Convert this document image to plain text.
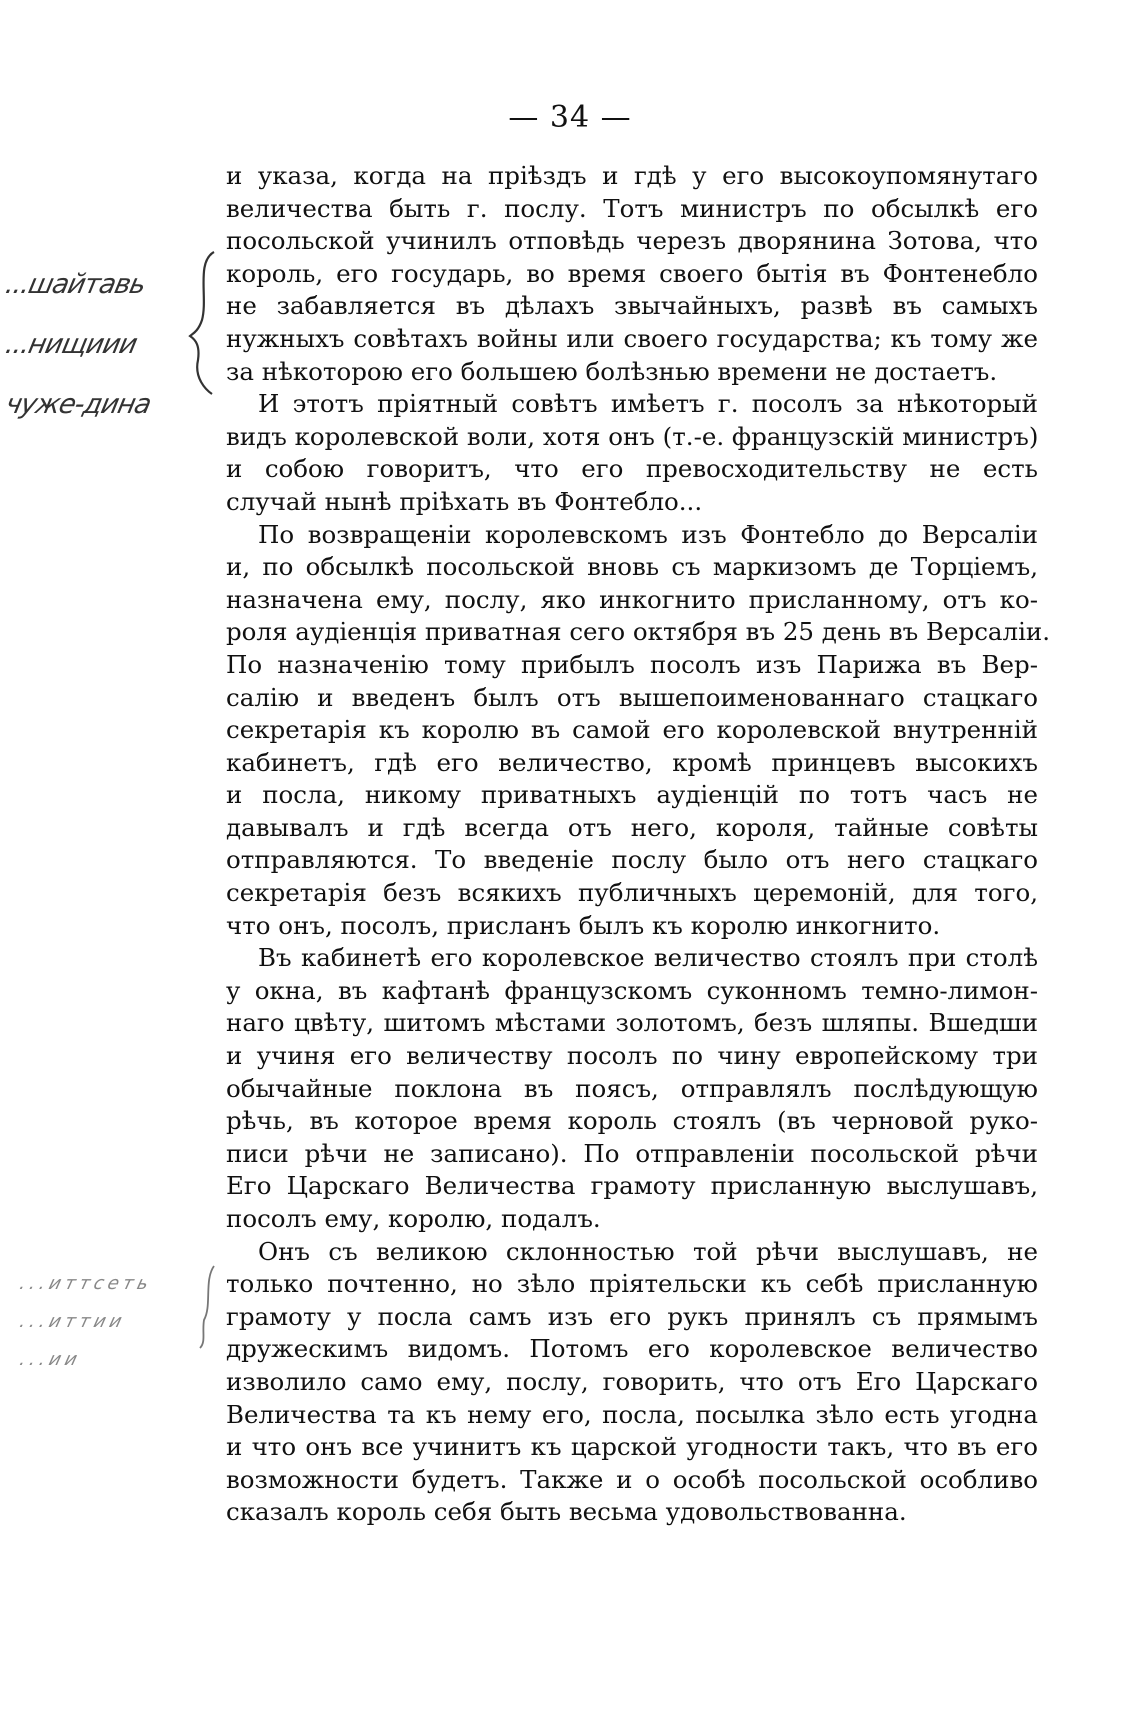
— 34 —
...шайтавь
...нищиии
чуже-дина
...иттсеть
...иттии
...ии
и указа, когда на прiѣздъ и гдѣ у его высокоупомянутаго
величества быть г. послу. Тотъ министръ по обсылкѣ его
посольской учинилъ отповѣдь черезъ дворянина Зотова, что
король, его государь, во время своего бытiя въ Фонтенебло
не забавляется въ дѣлахъ звычайныхъ, развѣ въ самыхъ
нужныхъ совѣтахъ войны или своего государства; къ тому же
за нѣкоторою его большею болѣзнью времени не достаетъ.
И этотъ прiятный совѣтъ имѣетъ г. посолъ за нѣкоторый
видъ королевской воли, хотя онъ (т.-е. французскiй министръ)
и собою говоритъ, что его превосходительству не есть
случай нынѣ прiѣхать въ Фонтебло...
По возвращенiи королевскомъ изъ Фонтебло до Версалiи
и, по обсылкѣ посольской вновь съ маркизомъ де Торцiемъ,
назначена ему, послу, яко инкогнито присланному, отъ ко-
роля аудiенцiя приватная сего октября въ 25 день въ Версалiи.
По назначенiю тому прибылъ посолъ изъ Парижа въ Вер-
салiю и введенъ былъ отъ вышепоименованнаго стацкаго
секретарiя къ королю въ самой его королевской внутреннiй
кабинетъ, гдѣ его величество, кромѣ принцевъ высокихъ
и посла, никому приватныхъ аудiенцiй по тотъ часъ не
давывалъ и гдѣ всегда отъ него, короля, тайные совѣты
отправляются. То введенiе послу было отъ него стацкаго
секретарiя безъ всякихъ публичныхъ церемонiй, для того,
что онъ, посолъ, присланъ былъ къ королю инкогнито.
Въ кабинетѣ его королевское величество стоялъ при столѣ
у окна, въ кафтанѣ французскомъ суконномъ темно-лимон-
наго цвѣту, шитомъ мѣстами золотомъ, безъ шляпы. Вшедши
и учиня его величеству посолъ по чину европейскому три
обычайные поклона въ поясъ, отправлялъ послѣдующую
рѣчь, въ которое время король стоялъ (въ черновой руко-
писи рѣчи не записано). По отправленiи посольской рѣчи
Его Царскаго Величества грамоту присланную выслушавъ,
посолъ ему, королю, подалъ.
Онъ съ великою склонностью той рѣчи выслушавъ, не
только почтенно, но зѣло прiятельски къ себѣ присланную
грамоту у посла самъ изъ его рукъ принялъ съ прямымъ
дружескимъ видомъ. Потомъ его королевское величество
изволило само ему, послу, говорить, что отъ Его Царскаго
Величества та къ нему его, посла, посылка зѣло есть угодна
и что онъ все учинитъ къ царской угодности такъ, что въ его
возможности будетъ. Также и о особѣ посольской особливо
сказалъ король себя быть весьма удовольствованна.
